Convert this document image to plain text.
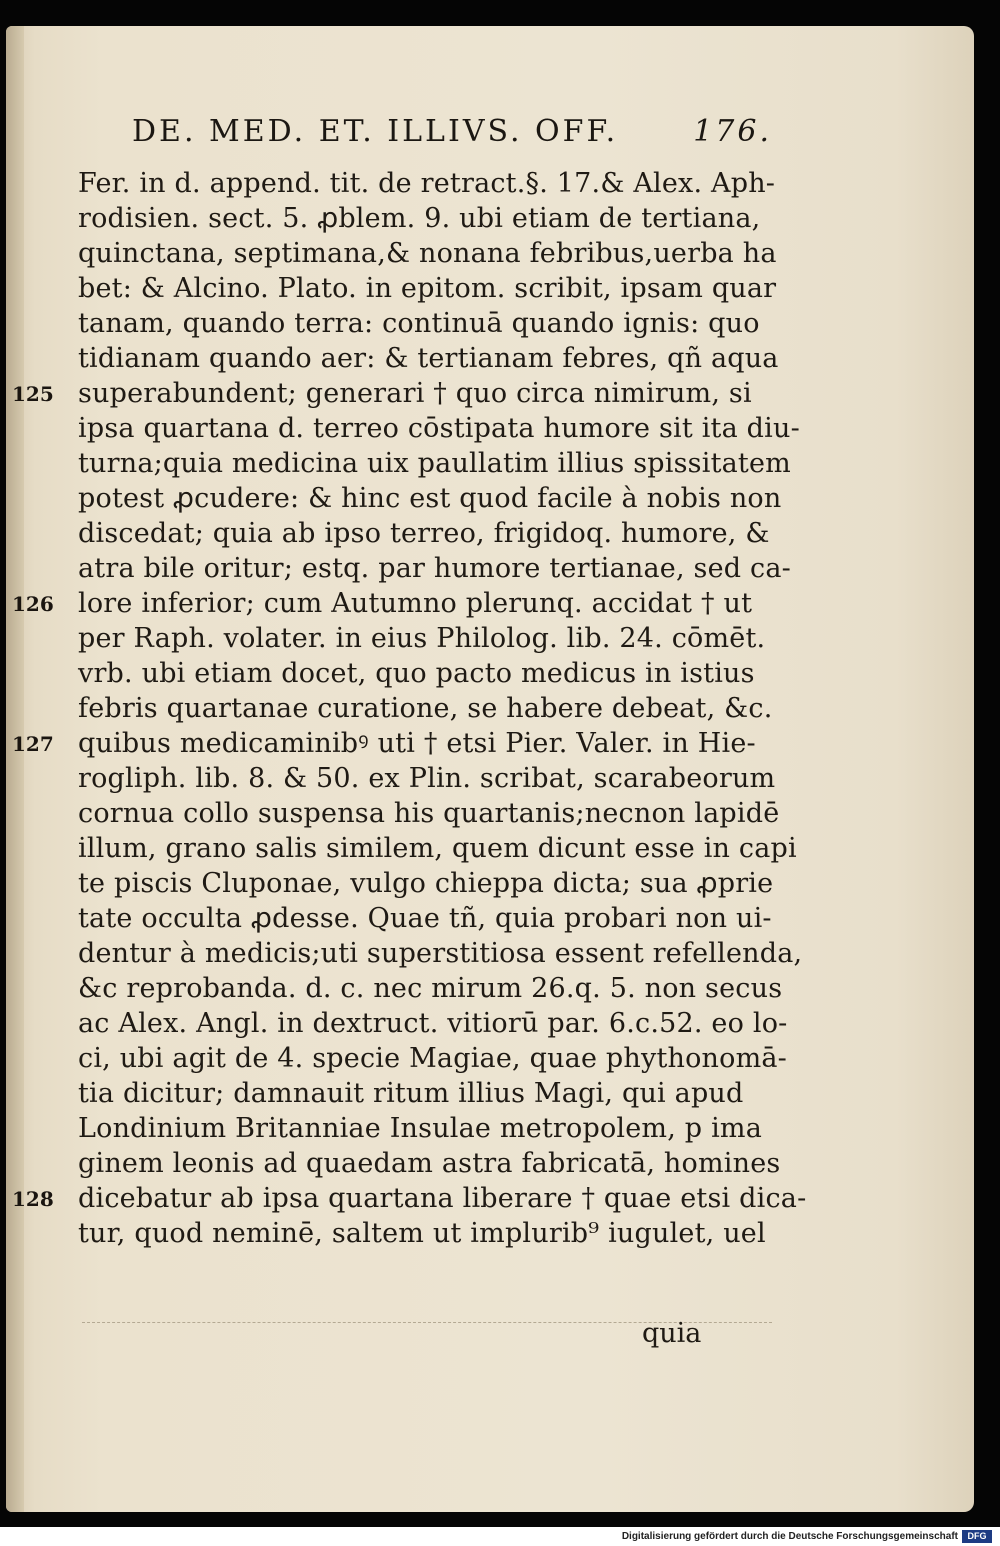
DE. MED. ET. ILLIVS. OFF.	176.
Fer. in d. append. tit. de retract.§. 17.& Alex. Aph-
rodisien. sect. 5. ꝓblem. 9. ubi etiam de tertiana,
quinctana, septimana,& nonana febribus,uerba ha
bet: & Alcino. Plato. in epitom. scribit, ipsam quar
tanam, quando terra: continuā quando ignis: quo
tidianam quando aer: & tertianam febres, qñ aqua
superabundent; generari † quo circa nimirum, si
ipsa quartana d. terreo cōstipata humore sit ita diu-
turna;quia medicina uix paullatim illius spissitatem
potest ꝓcudere: & hinc est quod facile à nobis non
discedat; quia ab ipso terreo, frigidoq. humore, &
atra bile oritur; estq. par humore tertianae, sed ca-
lore inferior; cum Autumno plerunq. accidat † ut
per Raph. volater. in eius Philolog. lib. 24. cōmēt.
vrb. ubi etiam docet, quo pacto medicus in istius
febris quartanae curatione, se habere debeat, &c.
quibus medicaminibꝰ uti † etsi Pier. Valer. in Hie-
rogliph. lib. 8. & 50. ex Plin. scribat, scarabeorum
cornua collo suspensa his quartanis;necnon lapidē
illum, grano salis similem, quem dicunt esse in capi
te piscis Cluponae, vulgo chieppa dicta; sua ꝓprie
tate occulta ꝓdesse. Quae tñ, quia probari non ui-
dentur à medicis;uti superstitiosa essent refellenda,
&c reprobanda. d. c. nec mirum 26.q. 5. non secus
ac Alex. Angl. in dextruct. vitiorū par. 6.c.52. eo lo-
ci, ubi agit de 4. specie Magiae, quae phythonomā-
tia dicitur; damnauit ritum illius Magi, qui apud
Londinium Britanniae Insulae metropolem, p ima
ginem leonis ad quaedam astra fabricatā, homines
dicebatur ab ipsa quartana liberare † quae etsi dica-
tur, quod neminē, saltem ut implurib⁹ iugulet, uel
125
126
127
128
quia
Digitalisierung gefördert durch die Deutsche Forschungsgemeinschaft	DFG
